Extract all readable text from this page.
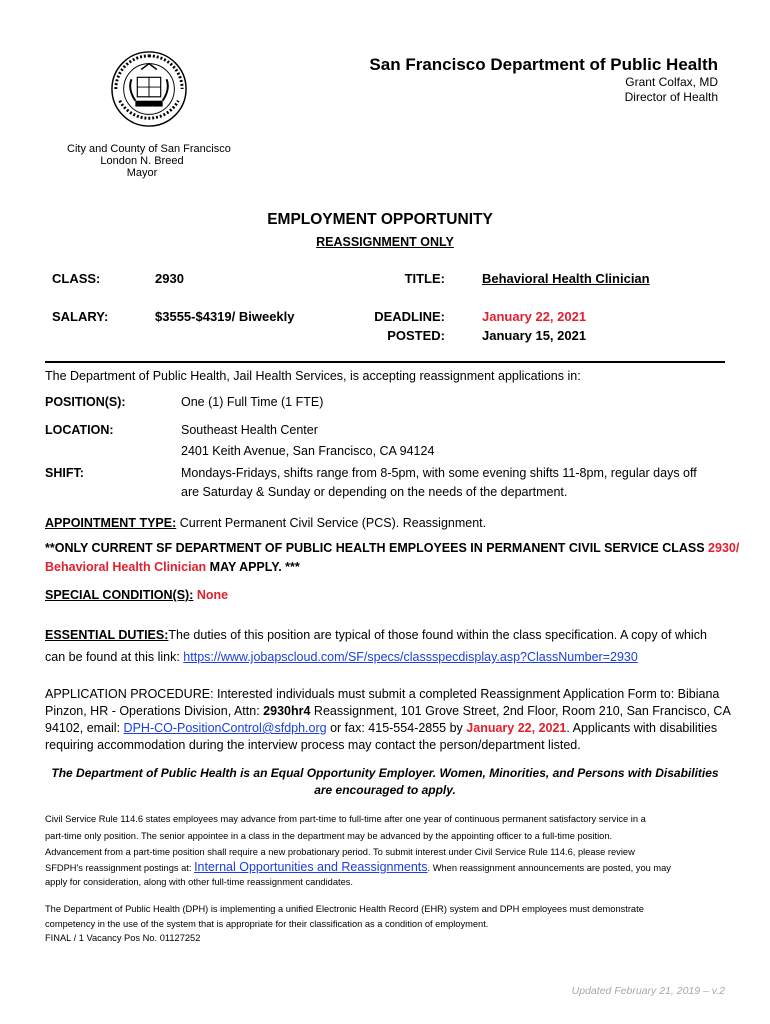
San Francisco Department of Public Health
Grant Colfax, MD
Director of Health
City and County of San Francisco
London N. Breed
Mayor
EMPLOYMENT OPPORTUNITY
REASSIGNMENT ONLY
CLASS:	2930	TITLE:	Behavioral Health Clinician
SALARY:	$3555-$4319/ Biweekly	DEADLINE:	January 22, 2021
POSTED:	January 15, 2021
The Department of Public Health, Jail Health Services, is accepting reassignment applications in:
POSITION(S):	One (1) Full Time (1 FTE)
LOCATION:	Southeast Health Center
2401 Keith Avenue, San Francisco, CA 94124
SHIFT:	Mondays-Fridays, shifts range from 8-5pm, with some evening shifts 11-8pm, regular days off
are Saturday & Sunday or depending on the needs of the department.
APPOINTMENT TYPE: Current Permanent Civil Service (PCS). Reassignment.
**ONLY CURRENT SF DEPARTMENT OF PUBLIC HEALTH EMPLOYEES IN PERMANENT CIVIL SERVICE CLASS 2930/
Behavioral Health Clinician MAY APPLY. ***
SPECIAL CONDITION(S): None
ESSENTIAL DUTIES:The duties of this position are typical of those found within the class specification. A copy of which
can be found at this link: https://www.jobapscloud.com/SF/specs/classspecdisplay.asp?ClassNumber=2930
APPLICATION PROCEDURE: Interested individuals must submit a completed Reassignment Application Form to: Bibiana
Pinzon, HR - Operations Division, Attn: 2930hr4 Reassignment, 101 Grove Street, 2nd Floor, Room 210, San Francisco, CA
94102, email: DPH-CO-PositionControl@sfdph.org or fax: 415-554-2855 by January 22, 2021. Applicants with disabilities
requiring accommodation during the interview process may contact the person/department listed.
The Department of Public Health is an Equal Opportunity Employer. Women, Minorities, and Persons with Disabilities
are encouraged to apply.
Civil Service Rule 114.6 states employees may advance from part-time to full-time after one year of continuous permanent satisfactory service in a
part-time only position. The senior appointee in a class in the department may be advanced by the appointing officer to a full-time position.
Advancement from a part-time position shall require a new probationary period. To submit interest under Civil Service Rule 114.6, please review
SFDPH's reassignment postings at: Internal Opportunities and Reassignments. When reassignment announcements are posted, you may
apply for consideration, along with other full-time reassignment candidates.
The Department of Public Health (DPH) is implementing a unified Electronic Health Record (EHR) system and DPH employees must demonstrate
competency in the use of the system that is appropriate for their classification as a condition of employment.
FINAL / 1 Vacancy Pos No. 01127252
Updated February 21, 2019 – v.2
